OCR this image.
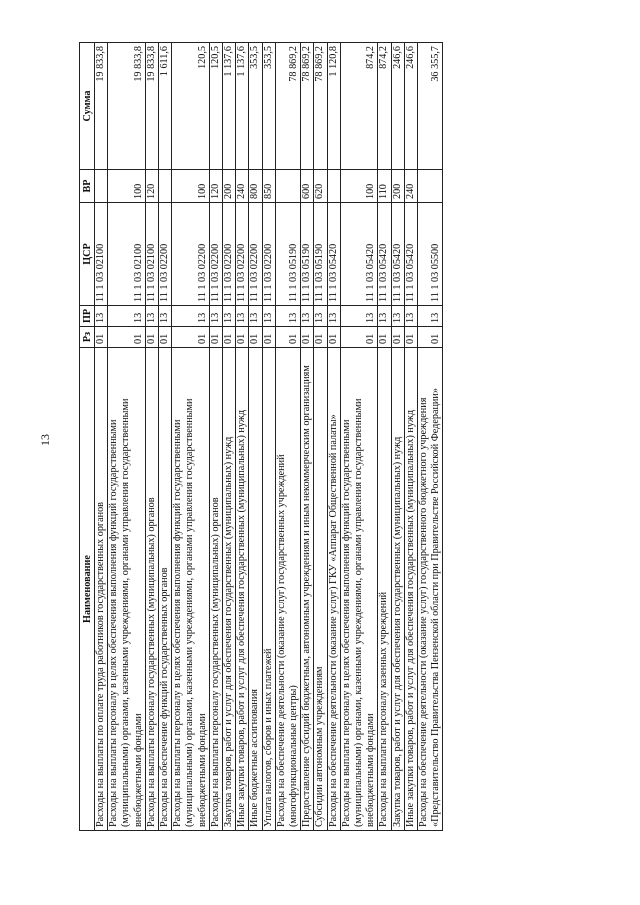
13
Наименование	Рз	ПР	ЦСР	ВР	Сумма
Расходы на выплаты по оплате труда работников государственных органов	01	13	11 1 03 02100		19 833,8
Расходы на выплаты персоналу в целях обеспечения выполнения функций государственными (муниципальными) органами, казенными учреждениями, органами управления государственными внебюджетными фондами	01	13	11 1 03 02100	100	19 833,8
Расходы на выплаты персоналу государственных (муниципальных) органов	01	13	11 1 03 02100	120	19 833,8
Расходы на обеспечение функций государственных органов	01	13	11 1 03 02200		1 611,6
Расходы на выплаты персоналу в целях обеспечения выполнения функций государственными (муниципальными) органами, казенными учреждениями, органами управления государственными внебюджетными фондами	01	13	11 1 03 02200	100	120,5
Расходы на выплаты персоналу государственных (муниципальных) органов	01	13	11 1 03 02200	120	120,5
Закупка товаров, работ и услуг для обеспечения государственных (муниципальных) нужд	01	13	11 1 03 02200	200	1 137,6
Иные закупки товаров, работ и услуг для обеспечения государственных (муниципальных) нужд	01	13	11 1 03 02200	240	1 137,6
Иные бюджетные ассигнования	01	13	11 1 03 02200	800	353,5
Уплата налогов, сборов и иных платежей	01	13	11 1 03 02200	850	353,5
Расходы на обеспечение деятельности (оказание услуг) государственных учреждений (многофункциональные центры)	01	13	11 1 03 05190		78 869,2
Предоставление субсидий бюджетным, автономным учреждениям и иным некоммерческим организациям	01	13	11 1 03 05190	600	78 869,2
Субсидии автономным учреждениям	01	13	11 1 03 05190	620	78 869,2
Расходы на обеспечение деятельности (оказание услуг) ГКУ «Аппарат Общественной палаты»	01	13	11 1 03 05420		1 120,8
Расходы на выплаты персоналу в целях обеспечения выполнения функций государственными (муниципальными) органами, казенными учреждениями, органами управления государственными внебюджетными фондами	01	13	11 1 03 05420	100	874,2
Расходы на выплаты персоналу казенных учреждений	01	13	11 1 03 05420	110	874,2
Закупка товаров, работ и услуг для обеспечения государственных (муниципальных) нужд	01	13	11 1 03 05420	200	246,6
Иные закупки товаров, работ и услуг для обеспечения государственных (муниципальных) нужд	01	13	11 1 03 05420	240	246,6
Расходы на обеспечение деятельности (оказание услуг) государственного бюджетного учреждения «Представительство Правительства Пензенской области при Правительстве Российской Федерации»	01	13	11 1 03 05500		36 355,7
